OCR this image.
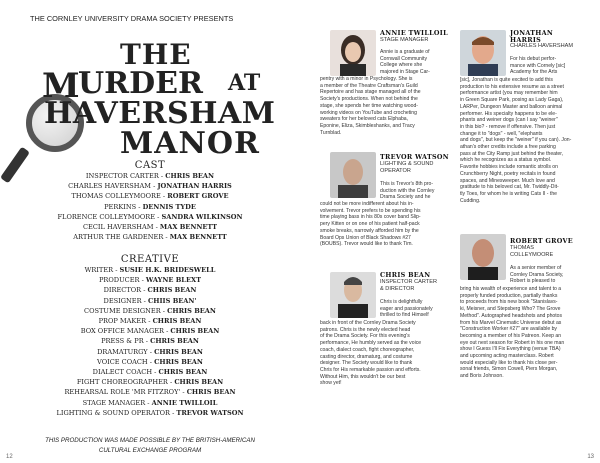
THE CORNLEY UNIVERSITY DRAMA SOCIETY PRESENTS
THE
M
URDER AT
HAVERSHAM
MANOR
CAST
INSPECTOR CARTER - CHRIS BEAN
CHARLES HAVERSHAM - JONATHAN HARRIS
THOMAS COLLEYMOORE - ROBERT GROVE
PERKINS - DENNIS TYDE
FLORENCE COLLEYMOORE - SANDRA WILKINSON
CECIL HAVERSHAM - MAX BENNETT
ARTHUR THE GARDENER - MAX BENNETT
CREATIVE
WRITER - SUSIE H.K. BRIDESWELL
PRODUCER - WAYNE BLEXT
DIRECTOR - CHRIS BEAN
DESIGNER - CHIIS BEAN'
COSTUME DESIGNER - CHRIS BEAN
PROP MAKER - CHRIS BEAN
BOX OFFICE MANAGER - CHRIS BEAN
PRESS & PR - CHRIS BEAN
DRAMATURGY - CHRIS BEAN
VOICE COACH - CHRIS BEAN
DIALECT COACH - CHRIS BEAN
FIGHT CHOREOGRAPHER - CHRIS BEAN
REHEARSAL ROLE 'MR FITZROY' - CHRIS BEAN
STAGE MANAGER - ANNIE TWILLOIL
LIGHTING & SOUND OPERATOR - TREVOR WATSON
THIS PRODUCTION WAS MADE POSSIBLE BY THE BRITISH-AMERICAN CULTURAL EXCHANGE PROGRAM
12
ANNIE TWILLOIL
STAGE MANAGER
Annie is a graduate of
Cornwall Community
College where she
majored in Stage Car-
pentry with a minor in Psychology. She is
a member of the Theatre Craftsman's Guild
Repertoire and has stage managed all of the
Society's productions. When not behind the
stage, she spends her time watching wood-
working videos on YouTube and crocheting
sweaters for her beloved cats Elphaba,
Eponine, Eliza, Skimbleshanks, and Tracy
Turnblad.
TREVOR WATSON
LIGHTING & SOUND
OPERATOR
This is Trevor's 8th pro-
duction with the Cornley
Drama Society and he
could not be more indifferent about his in-
volvement. Trevor prefers to be spending his
time playing bass in his 80s cover band Slip-
pery Kitten or on one of his patient half-pack
smoke breaks, narrowly afforded him by the
Board Ops Union of Black Shadows #27
(BOUBS). Trevor would like to thank Tim.
CHRIS BEAN
INSPECTOR CARTER
& DIRECTOR
Chris is delightfully
eager and passionately
thrilled to find Himself
back in front of the Cornley Drama Society
patrons. Chris is the newly elected head
of the Drama Society. For this evening's
performance, He humbly served as the voice
coach, dialect coach, fight choreographer,
casting director, dramaturg, and costume
designer. The Society would like to thank
Chris for His remarkable passion and efforts.
Without Him, this wouldn't be our best
show yet!
JONATHAN
HARRIS
CHARLES HAVERSHAM
For his debut perfor-
mance with Cornely [sic]
Academy for the Arts
[sic], Jonathan is quite excited to add this
production to his extensive resume as a street
performance artist (you may remember him
in Green Square Park, posing as Lady Gaga),
LARPer, Dungeon Master and balloon animal
performer. His specialty happens to be ele-
phants and weiner dogs (can I say "weiner"
in this bio? - remove if offensive. Then just
change it to "dogs" - well, "elephants
and dogs", but keep the "weiner" if you can). Jon-
athan's other credits include a free parking
pass at the City Ramp just behind the theater,
which he recognizes as a status symbol.
Favorite hobbies include romantic strolls on
Crunchberry Night, poetry recitals in found
spaces, and Minesweeper. Much love and
gratitude to his beloved cat, Mr. Twiddly-Dit-
tly Toes, for whom he is writing Cats II - the
Cudding.
ROBERT GROVE
THOMAS
COLLEYMOORE
As a senior member of
Cornley Drama Society,
Robert is pleased to
bring his wealth of experience and talent to a
properly funded production, partially thanks
to proceeds from his new book "Stanislavs-
ki, Meisner, and Stepsberg Who? The Grove
Method". Autographed headshots and photos
from his Marvel Cinematic Universe debut as
"Construction Worker #27" are available by
becoming a member of his Patreon. Keep an
eye out next season for Robert in his one man
show I Guess I'll Fix Everything (venue TBA)
and upcoming acting masterclass. Robert
would especially like to thank his close per-
sonal friends, Simon Cowell, Piers Morgan,
and Boris Johnson.
13
